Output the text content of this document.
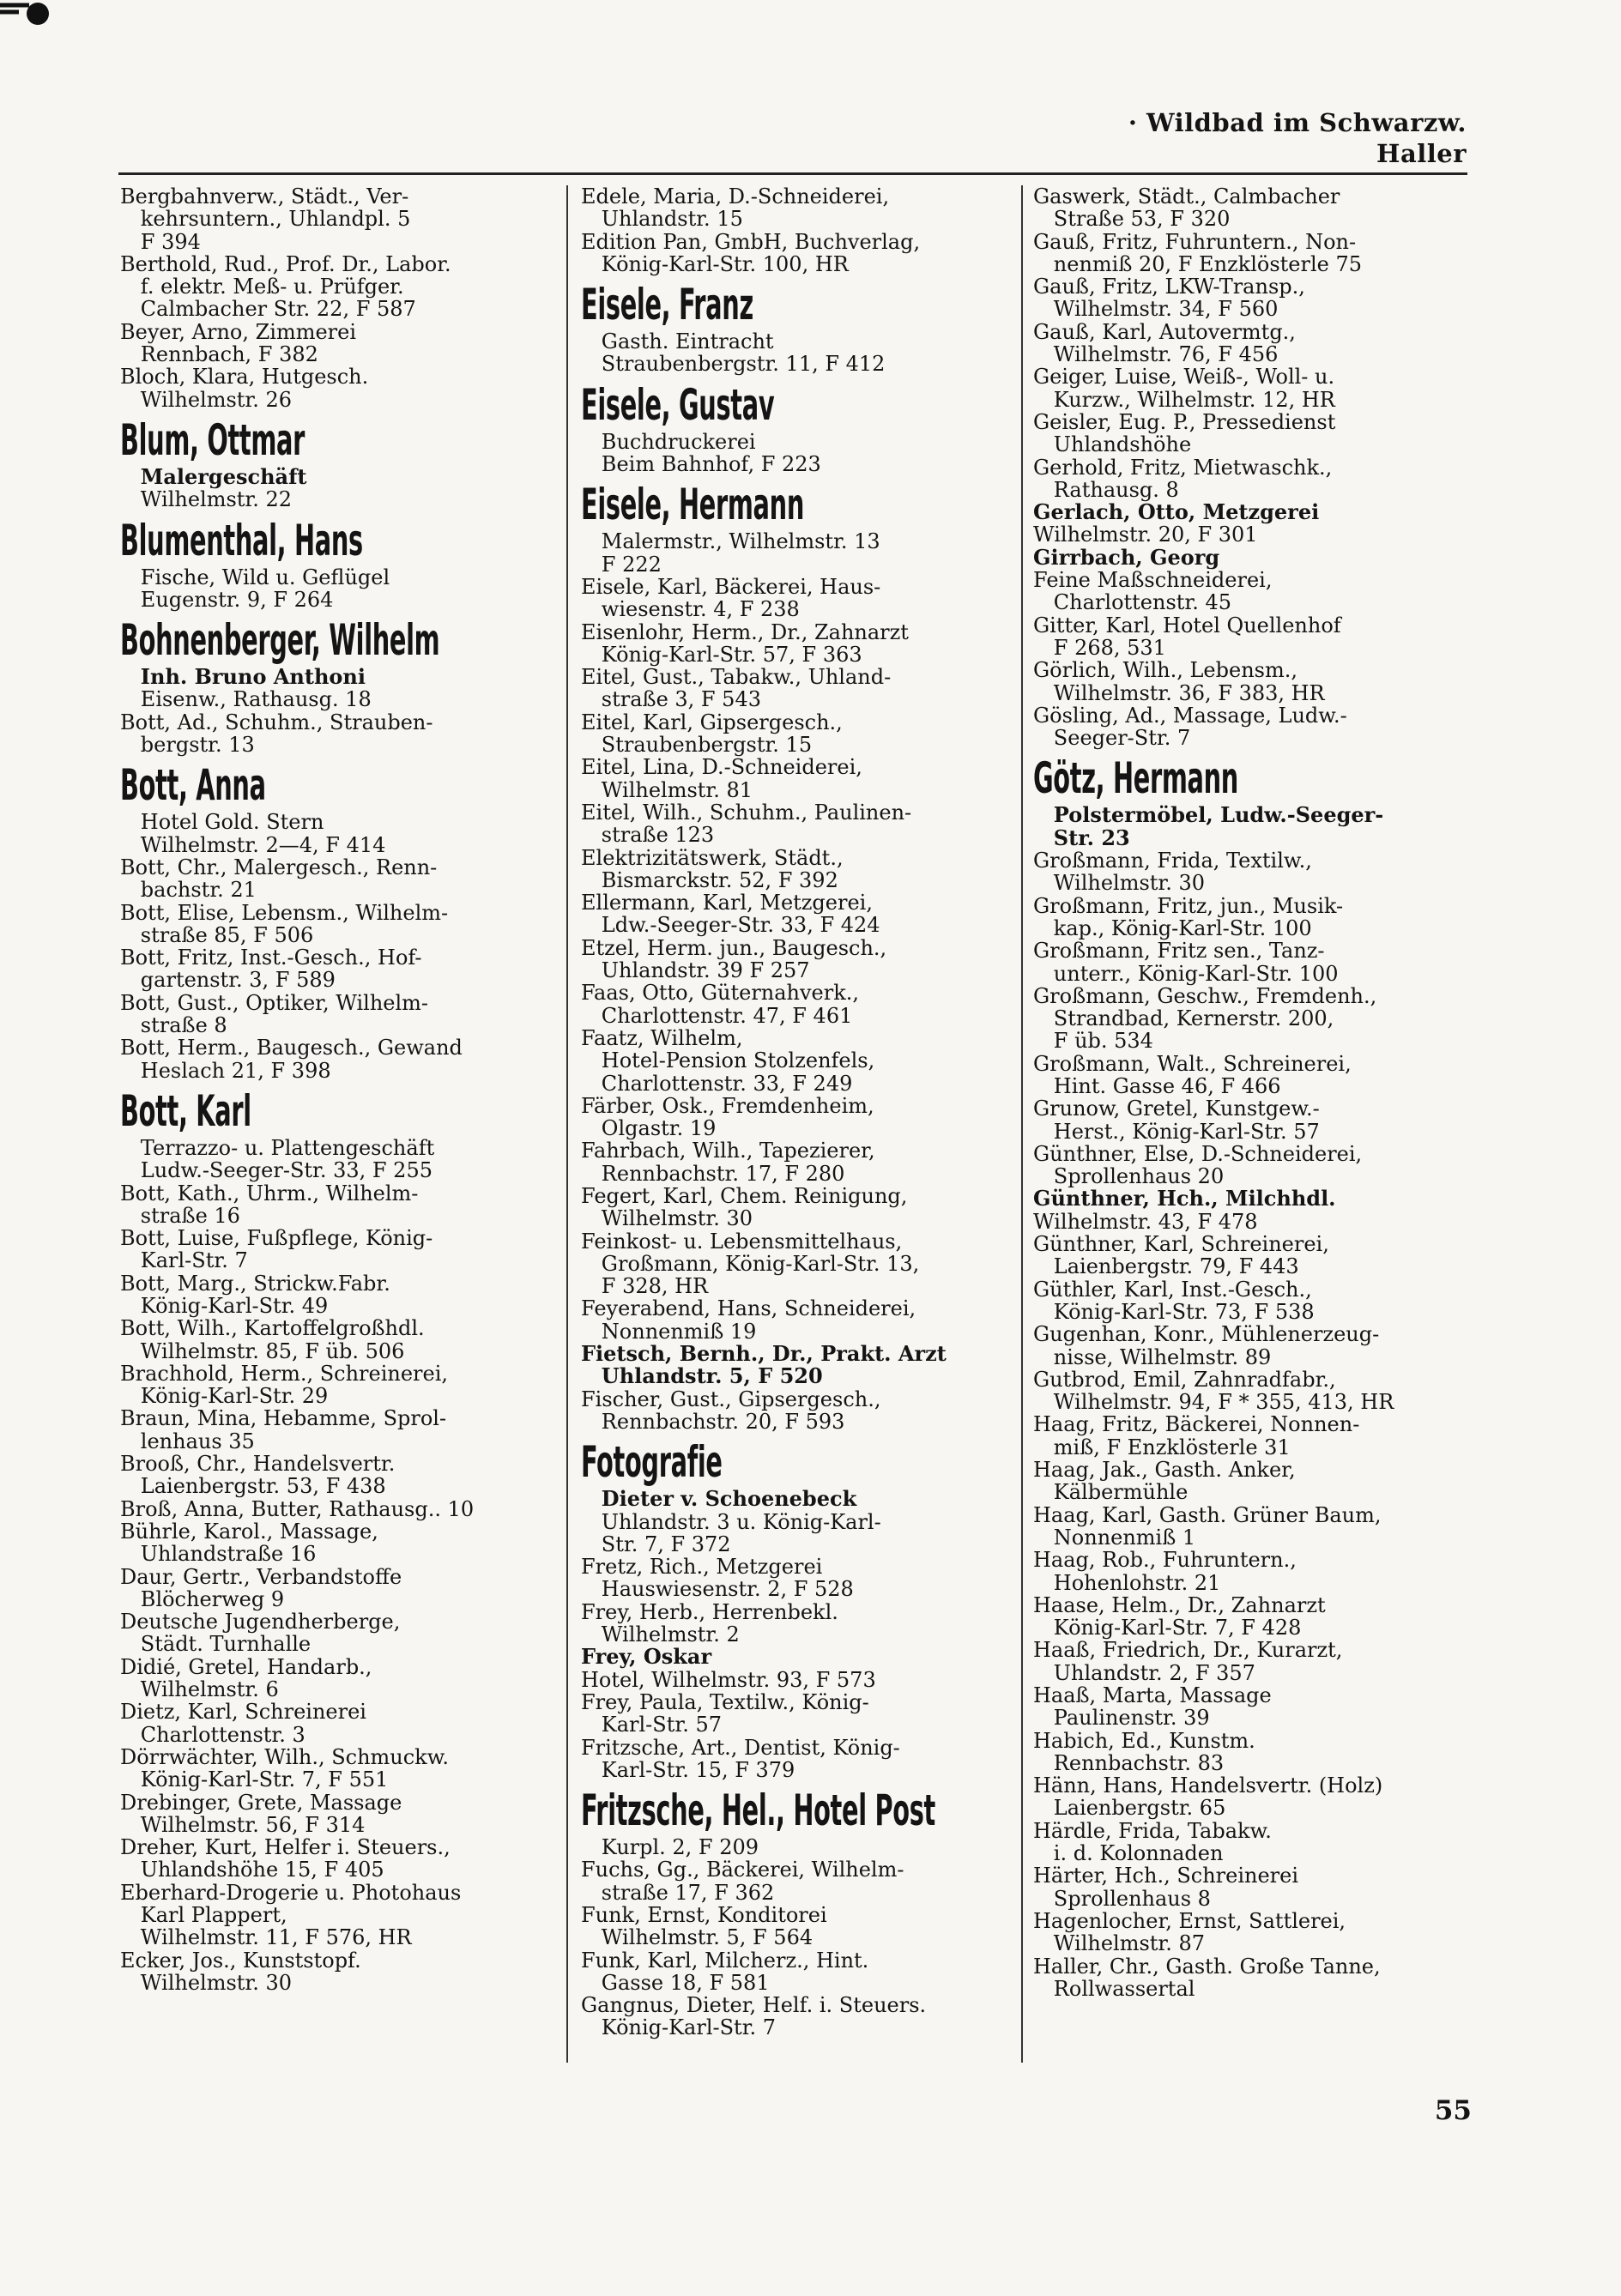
· Wildbad im Schwarzw.
Haller
Bergbahnverw., Städt., Ver-
kehrsuntern., Uhlandpl. 5
F 394
Berthold, Rud., Prof. Dr., Labor.
f. elektr. Meß- u. Prüfger.
Calmbacher Str. 22, F 587
Beyer, Arno, Zimmerei
Rennbach, F 382
Bloch, Klara, Hutgesch.
Wilhelmstr. 26
Blum, Ottmar
Malergeschäft
Wilhelmstr. 22
Blumenthal, Hans
Fische, Wild u. Geflügel
Eugenstr. 9, F 264
Bohnenberger, Wilhelm
Inh. Bruno Anthoni
Eisenw., Rathausg. 18
Bott, Ad., Schuhm., Strauben-
bergstr. 13
Bott, Anna
Hotel Gold. Stern
Wilhelmstr. 2—4, F 414
Bott, Chr., Malergesch., Renn-
bachstr. 21
Bott, Elise, Lebensm., Wilhelm-
straße 85, F 506
Bott, Fritz, Inst.-Gesch., Hof-
gartenstr. 3, F 589
Bott, Gust., Optiker, Wilhelm-
straße 8
Bott, Herm., Baugesch., Gewand
Heslach 21, F 398
Bott, Karl
Terrazzo- u. Plattengeschäft
Ludw.-Seeger-Str. 33, F 255
Bott, Kath., Uhrm., Wilhelm-
straße 16
Bott, Luise, Fußpflege, König-
Karl-Str. 7
Bott, Marg., Strickw.Fabr.
König-Karl-Str. 49
Bott, Wilh., Kartoffelgroßhdl.
Wilhelmstr. 85, F üb. 506
Brachhold, Herm., Schreinerei,
König-Karl-Str. 29
Braun, Mina, Hebamme, Sprol-
lenhaus 35
Brooß, Chr., Handelsvertr.
Laienbergstr. 53, F 438
Broß, Anna, Butter, Rathausg.. 10
Bührle, Karol., Massage,
Uhlandstraße 16
Daur, Gertr., Verbandstoffe
Blöcherweg 9
Deutsche Jugendherberge,
Städt. Turnhalle
Didié, Gretel, Handarb.,
Wilhelmstr. 6
Dietz, Karl, Schreinerei
Charlottenstr. 3
Dörrwächter, Wilh., Schmuckw.
König-Karl-Str. 7, F 551
Drebinger, Grete, Massage
Wilhelmstr. 56, F 314
Dreher, Kurt, Helfer i. Steuers.,
Uhlandshöhe 15, F 405
Eberhard-Drogerie u. Photohaus
Karl Plappert,
Wilhelmstr. 11, F 576, HR
Ecker, Jos., Kunststopf.
Wilhelmstr. 30
Edele, Maria, D.-Schneiderei,
Uhlandstr. 15
Edition Pan, GmbH, Buchverlag,
König-Karl-Str. 100, HR
Eisele, Franz
Gasth. Eintracht
Straubenbergstr. 11, F 412
Eisele, Gustav
Buchdruckerei
Beim Bahnhof, F 223
Eisele, Hermann
Malermstr., Wilhelmstr. 13
F 222
Eisele, Karl, Bäckerei, Haus-
wiesenstr. 4, F 238
Eisenlohr, Herm., Dr., Zahnarzt
König-Karl-Str. 57, F 363
Eitel, Gust., Tabakw., Uhland-
straße 3, F 543
Eitel, Karl, Gipsergesch.,
Straubenbergstr. 15
Eitel, Lina, D.-Schneiderei,
Wilhelmstr. 81
Eitel, Wilh., Schuhm., Paulinen-
straße 123
Elektrizitätswerk, Städt.,
Bismarckstr. 52, F 392
Ellermann, Karl, Metzgerei,
Ldw.-Seeger-Str. 33, F 424
Etzel, Herm. jun., Baugesch.,
Uhlandstr. 39 F 257
Faas, Otto, Güternahverk.,
Charlottenstr. 47, F 461
Faatz, Wilhelm,
Hotel-Pension Stolzenfels,
Charlottenstr. 33, F 249
Färber, Osk., Fremdenheim,
Olgastr. 19
Fahrbach, Wilh., Tapezierer,
Rennbachstr. 17, F 280
Fegert, Karl, Chem. Reinigung,
Wilhelmstr. 30
Feinkost- u. Lebensmittelhaus,
Großmann, König-Karl-Str. 13,
F 328, HR
Feyerabend, Hans, Schneiderei,
Nonnenmiß 19
Fietsch, Bernh., Dr., Prakt. Arzt
Uhlandstr. 5, F 520
Fischer, Gust., Gipsergesch.,
Rennbachstr. 20, F 593
Fotografie
Dieter v. Schoenebeck
Uhlandstr. 3 u. König-Karl-
Str. 7, F 372
Fretz, Rich., Metzgerei
Hauswiesenstr. 2, F 528
Frey, Herb., Herrenbekl.
Wilhelmstr. 2
Frey, Oskar
Hotel, Wilhelmstr. 93, F 573
Frey, Paula, Textilw., König-
Karl-Str. 57
Fritzsche, Art., Dentist, König-
Karl-Str. 15, F 379
Fritzsche, Hel., Hotel Post
Kurpl. 2, F 209
Fuchs, Gg., Bäckerei, Wilhelm-
straße 17, F 362
Funk, Ernst, Konditorei
Wilhelmstr. 5, F 564
Funk, Karl, Milcherz., Hint.
Gasse 18, F 581
Gangnus, Dieter, Helf. i. Steuers.
König-Karl-Str. 7
Gaswerk, Städt., Calmbacher
Straße 53, F 320
Gauß, Fritz, Fuhruntern., Non-
nenmiß 20, F Enzklösterle 75
Gauß, Fritz, LKW-Transp.,
Wilhelmstr. 34, F 560
Gauß, Karl, Autovermtg.,
Wilhelmstr. 76, F 456
Geiger, Luise, Weiß-, Woll- u.
Kurzw., Wilhelmstr. 12, HR
Geisler, Eug. P., Pressedienst
Uhlandshöhe
Gerhold, Fritz, Mietwaschk.,
Rathausg. 8
Gerlach, Otto, Metzgerei
Wilhelmstr. 20, F 301
Girrbach, Georg
Feine Maßschneiderei,
Charlottenstr. 45
Gitter, Karl, Hotel Quellenhof
F 268, 531
Görlich, Wilh., Lebensm.,
Wilhelmstr. 36, F 383, HR
Gösling, Ad., Massage, Ludw.-
Seeger-Str. 7
Götz, Hermann
Polstermöbel, Ludw.-Seeger-
Str. 23
Großmann, Frida, Textilw.,
Wilhelmstr. 30
Großmann, Fritz, jun., Musik-
kap., König-Karl-Str. 100
Großmann, Fritz sen., Tanz-
unterr., König-Karl-Str. 100
Großmann, Geschw., Fremdenh.,
Strandbad, Kernerstr. 200,
F üb. 534
Großmann, Walt., Schreinerei,
Hint. Gasse 46, F 466
Grunow, Gretel, Kunstgew.-
Herst., König-Karl-Str. 57
Günthner, Else, D.-Schneiderei,
Sprollenhaus 20
Günthner, Hch., Milchhdl.
Wilhelmstr. 43, F 478
Günthner, Karl, Schreinerei,
Laienbergstr. 79, F 443
Güthler, Karl, Inst.-Gesch.,
König-Karl-Str. 73, F 538
Gugenhan, Konr., Mühlenerzeug-
nisse, Wilhelmstr. 89
Gutbrod, Emil, Zahnradfabr.,
Wilhelmstr. 94, F * 355, 413, HR
Haag, Fritz, Bäckerei, Nonnen-
miß, F Enzklösterle 31
Haag, Jak., Gasth. Anker,
Kälbermühle
Haag, Karl, Gasth. Grüner Baum,
Nonnenmiß 1
Haag, Rob., Fuhruntern.,
Hohenlohstr. 21
Haase, Helm., Dr., Zahnarzt
König-Karl-Str. 7, F 428
Haaß, Friedrich, Dr., Kurarzt,
Uhlandstr. 2, F 357
Haaß, Marta, Massage
Paulinenstr. 39
Habich, Ed., Kunstm.
Rennbachstr. 83
Hänn, Hans, Handelsvertr. (Holz)
Laienbergstr. 65
Härdle, Frida, Tabakw.
i. d. Kolonnaden
Härter, Hch., Schreinerei
Sprollenhaus 8
Hagenlocher, Ernst, Sattlerei,
Wilhelmstr. 87
Haller, Chr., Gasth. Große Tanne,
Rollwassertal
55
